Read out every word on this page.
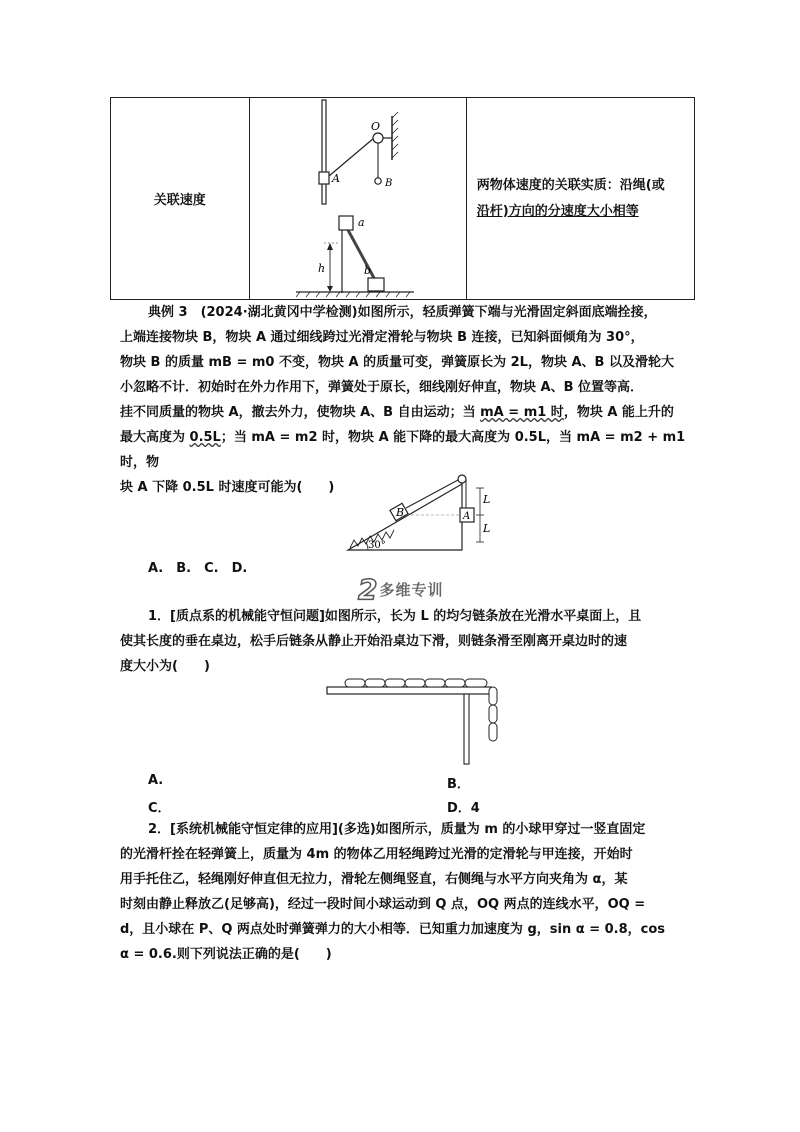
关联速度
O
A	B
a
b
h
两物体速度的关联实质：沿绳(或
沿杆)方向的分速度大小相等

典例 3　(2024·湖北黄冈中学检测)如图所示，轻质弹簧下端与光滑固定斜面底端拴接，

上端连接物块 B，物块 A 通过细线跨过光滑定滑轮与物块 B 连接，已知斜面倾角为 30°，

物块 B 的质量 mB = m0 不变，物块 A 的质量可变，弹簧原长为 2L，物块 A、B 以及滑轮大

小忽略不计．初始时在外力作用下，弹簧处于原长，细线刚好伸直，物块 A、B 位置等高．

挂不同质量的物块 A，撤去外力，使物块 A、B 自由运动；当 mA = m1 时，物块 A 能上升的

最大高度为 0.5L；当 mA = m2 时，物块 A 能下降的最大高度为 0.5L，当 mA = m2 + m1 时，物

块 A 下降 0.5L 时速度可能为(　　)

B	A
L
L
30°
A.　B.　C.　D.
2 多维专训

1．[质点系的机械能守恒问题]如图所示，长为 L 的均匀链条放在光滑水平桌面上，且

使其长度的垂在桌边，松手后链条从静止开始沿桌边下滑，则链条滑至刚离开桌边时的速

度大小为(　　)

A.	B．
C．	D．4

2．[系统机械能守恒定律的应用](多选)如图所示，质量为 m 的小球甲穿过一竖直固定

的光滑杆拴在轻弹簧上，质量为 4m 的物体乙用轻绳跨过光滑的定滑轮与甲连接，开始时

用手托住乙，轻绳刚好伸直但无拉力，滑轮左侧绳竖直，右侧绳与水平方向夹角为 α，某

时刻由静止释放乙(足够高)，经过一段时间小球运动到 Q 点，OQ 两点的连线水平，OQ =

d，且小球在 P、Q 两点处时弹簧弹力的大小相等．已知重力加速度为 g，sin α = 0.8，cos

α = 0.6.则下列说法正确的是(　　)
